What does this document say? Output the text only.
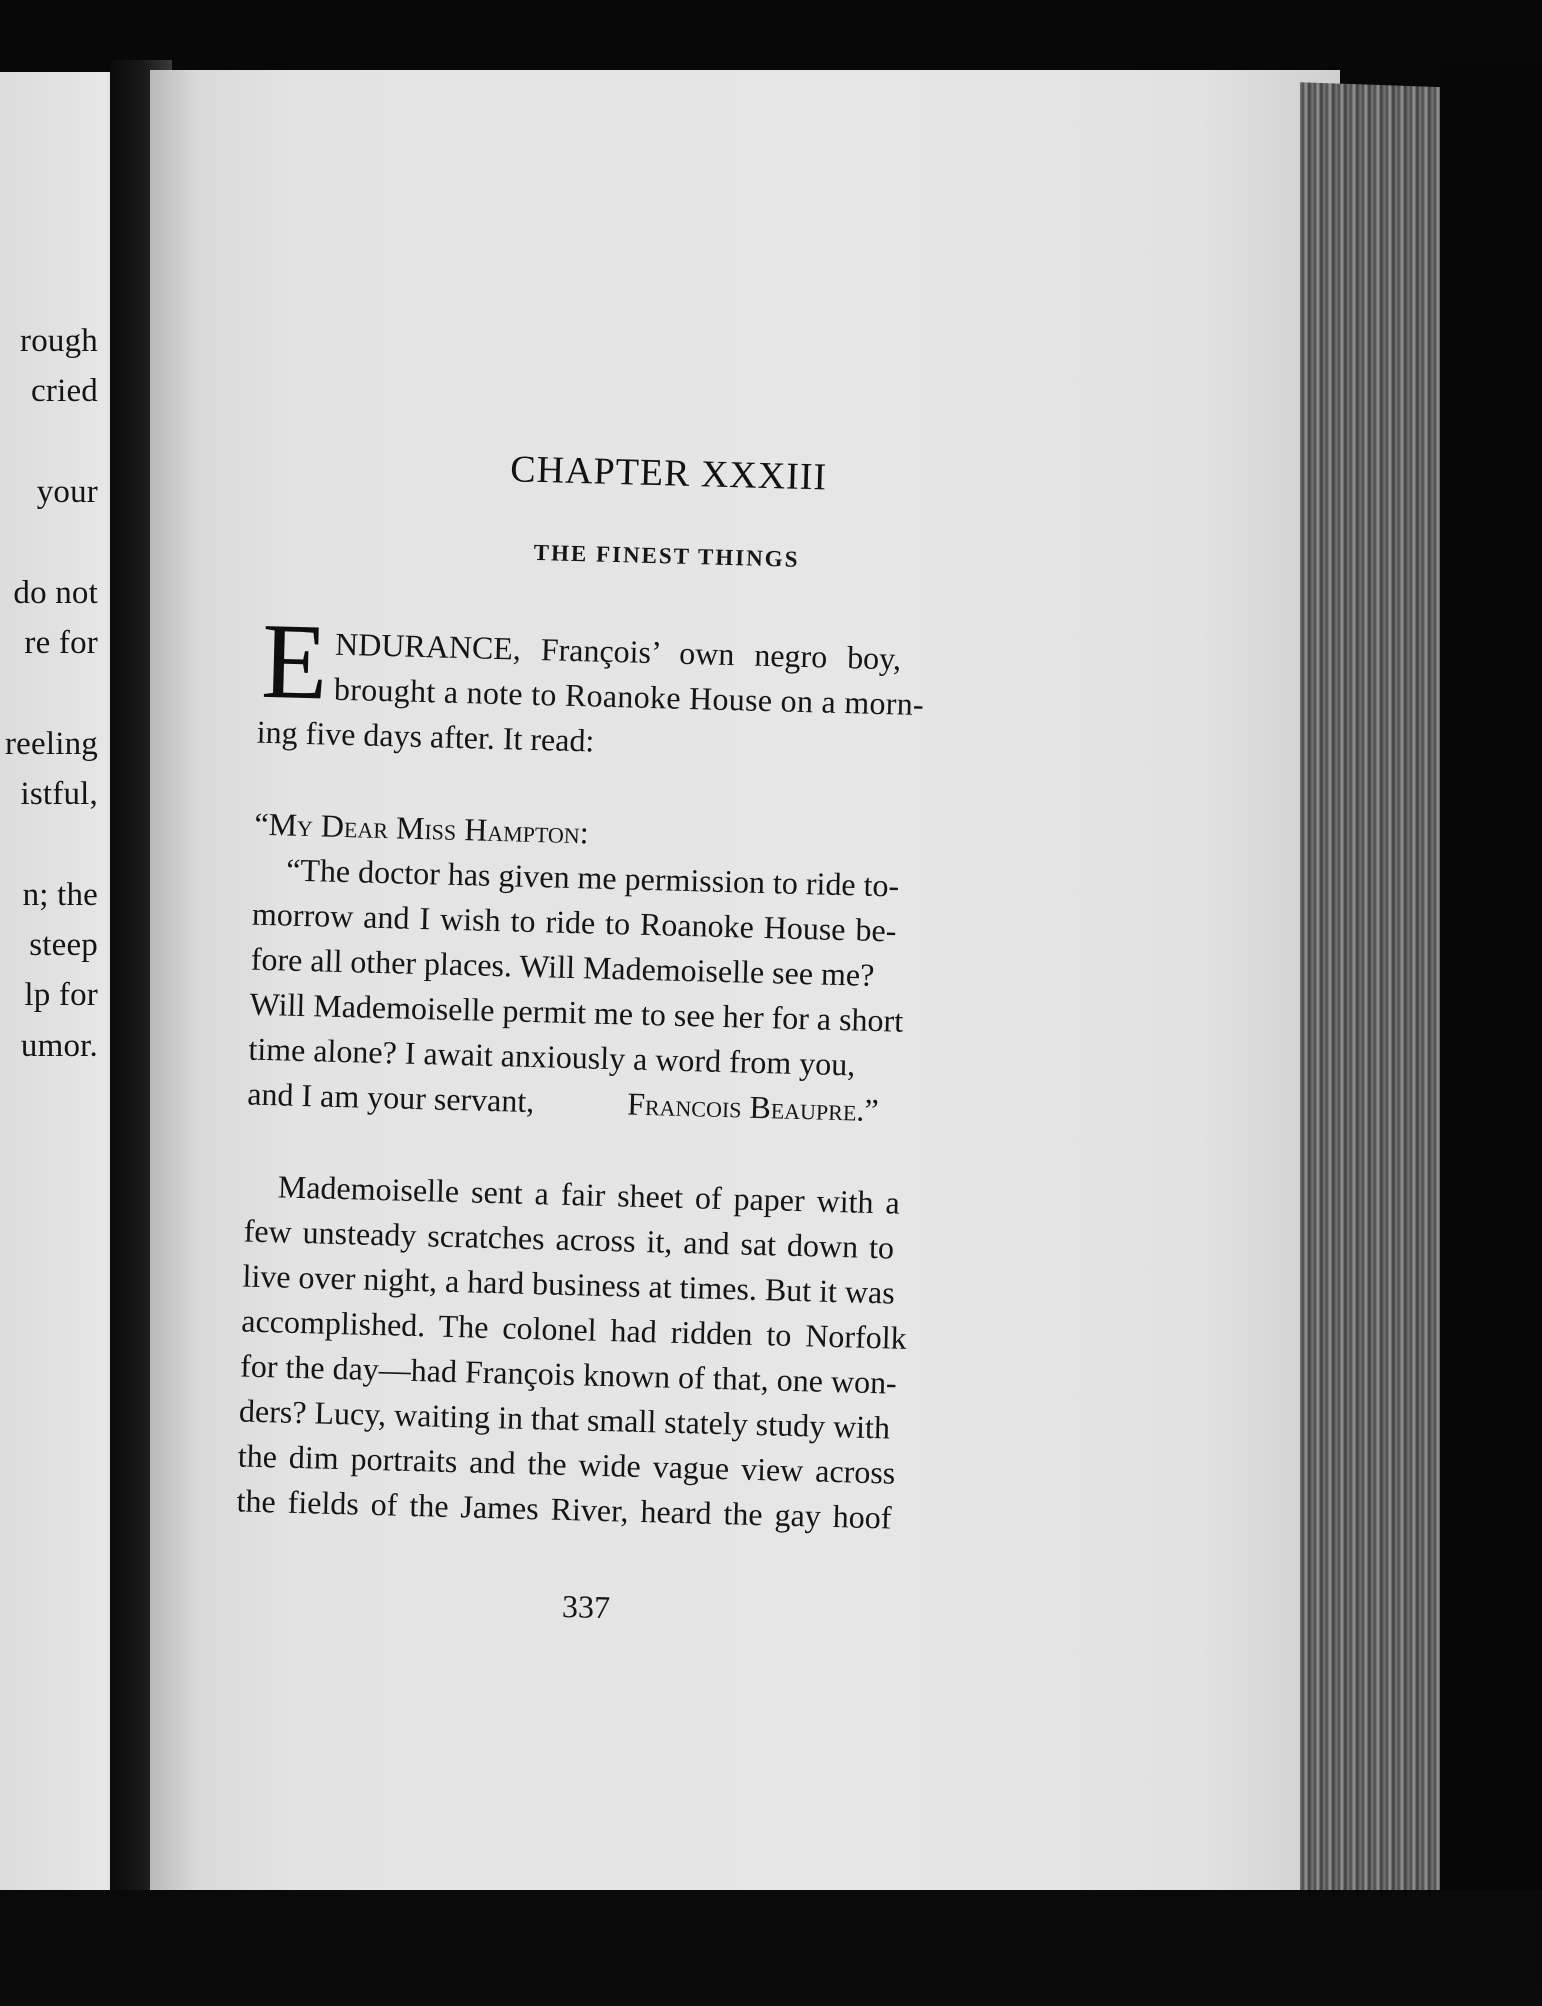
rough
cried
your
do not
re for
reeling
istful,
n; the
steep
lp for
umor.
CHAPTER XXXIII
THE FINEST THINGS
E NDURANCE, François’ own negro boy,
brought a note to Roanoke House on a morn-
ing five days after. It read:
“My Dear Miss Hampton:
“The doctor has given me permission to ride to-
morrow and I wish to ride to Roanoke House be-
fore all other places. Will Mademoiselle see me?
Will Mademoiselle permit me to see her for a short
time alone? I await anxiously a word from you,
and I am your servant,	Francois Beaupre.”
Mademoiselle sent a fair sheet of paper with a
few unsteady scratches across it, and sat down to
live over night, a hard business at times. But it was
accomplished. The colonel had ridden to Norfolk
for the day—had François known of that, one won-
ders? Lucy, waiting in that small stately study with
the dim portraits and the wide vague view across
the fields of the James River, heard the gay hoof
337
